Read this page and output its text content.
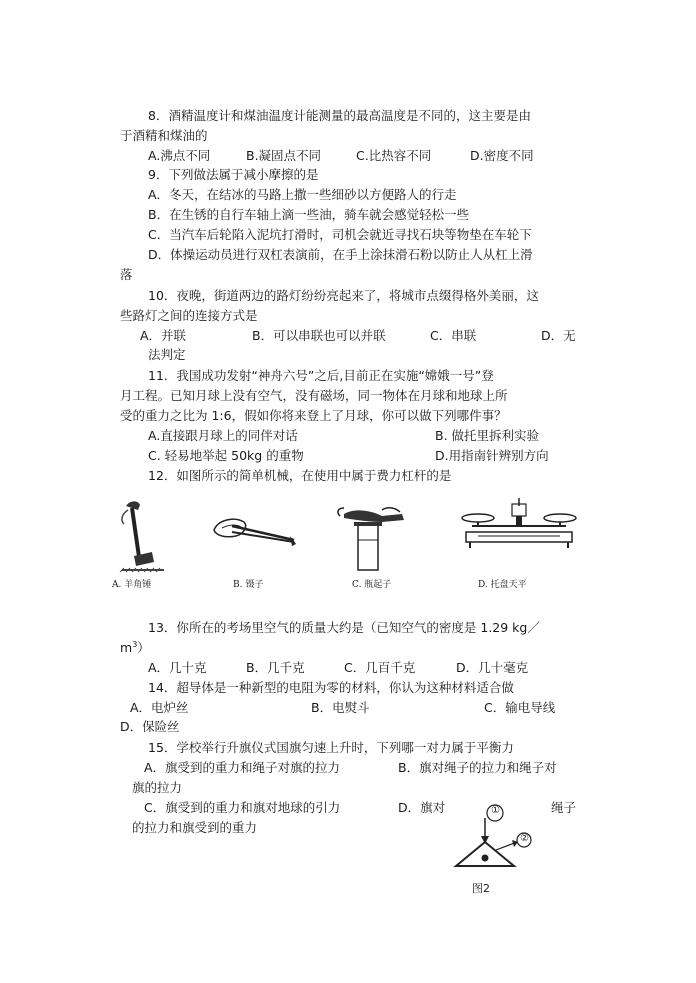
8．酒精温度计和煤油温度计能测量的最高温度是不同的，这主要是由
于酒精和煤油的
A.沸点不同	B.凝固点不同	C.比热容不同	D.密度不同
9．下列做法属于减小摩擦的是
A．冬天，在结冰的马路上撒一些细砂以方便路人的行走
B．在生锈的自行车轴上滴一些油，骑车就会感觉轻松一些
C．当汽车后轮陷入泥坑打滑时，司机会就近寻找石块等物垫在车轮下
D．体操运动员进行双杠表演前，在手上涂抹滑石粉以防止人从杠上滑
落
10．夜晚，街道两边的路灯纷纷亮起来了，将城市点缀得格外美丽，这
些路灯之间的连接方式是
A．并联	B．可以串联也可以并联	C．串联	D．无
法判定
11．我国成功发射“神舟六号”之后,目前正在实施“嫦娥一号”登
月工程。已知月球上没有空气，没有磁场，同一物体在月球和地球上所
受的重力之比为 1:6，假如你将来登上了月球，你可以做下列哪件事？
A.直接跟月球上的同伴对话	B. 做托里拆利实验
C. 轻易地举起 50kg 的重物	D.用指南针辨别方向
12．如图所示的简单机械，在使用中属于费力杠杆的是
A. 羊角锤	B. 镊子	C. 瓶起子	D. 托盘天平
13．你所在的考场里空气的质量大约是（已知空气的密度是 1.29 kg／
$m^3$）
A．几十克	B．几千克	C．几百千克	D．几十毫克
14．超导体是一种新型的电阻为零的材料，你认为这种材料适合做
A．电炉丝	B．电熨斗	C．输电导线
D．保险丝
15．学校举行升旗仪式国旗匀速上升时，下列哪一对力属于平衡力
A．旗受到的重力和绳子对旗的拉力	B．旗对绳子的拉力和绳子对
旗的拉力
C．旗受到的重力和旗对地球的引力	D．旗对	绳子
的拉力和旗受到的重力
①
②
图2
